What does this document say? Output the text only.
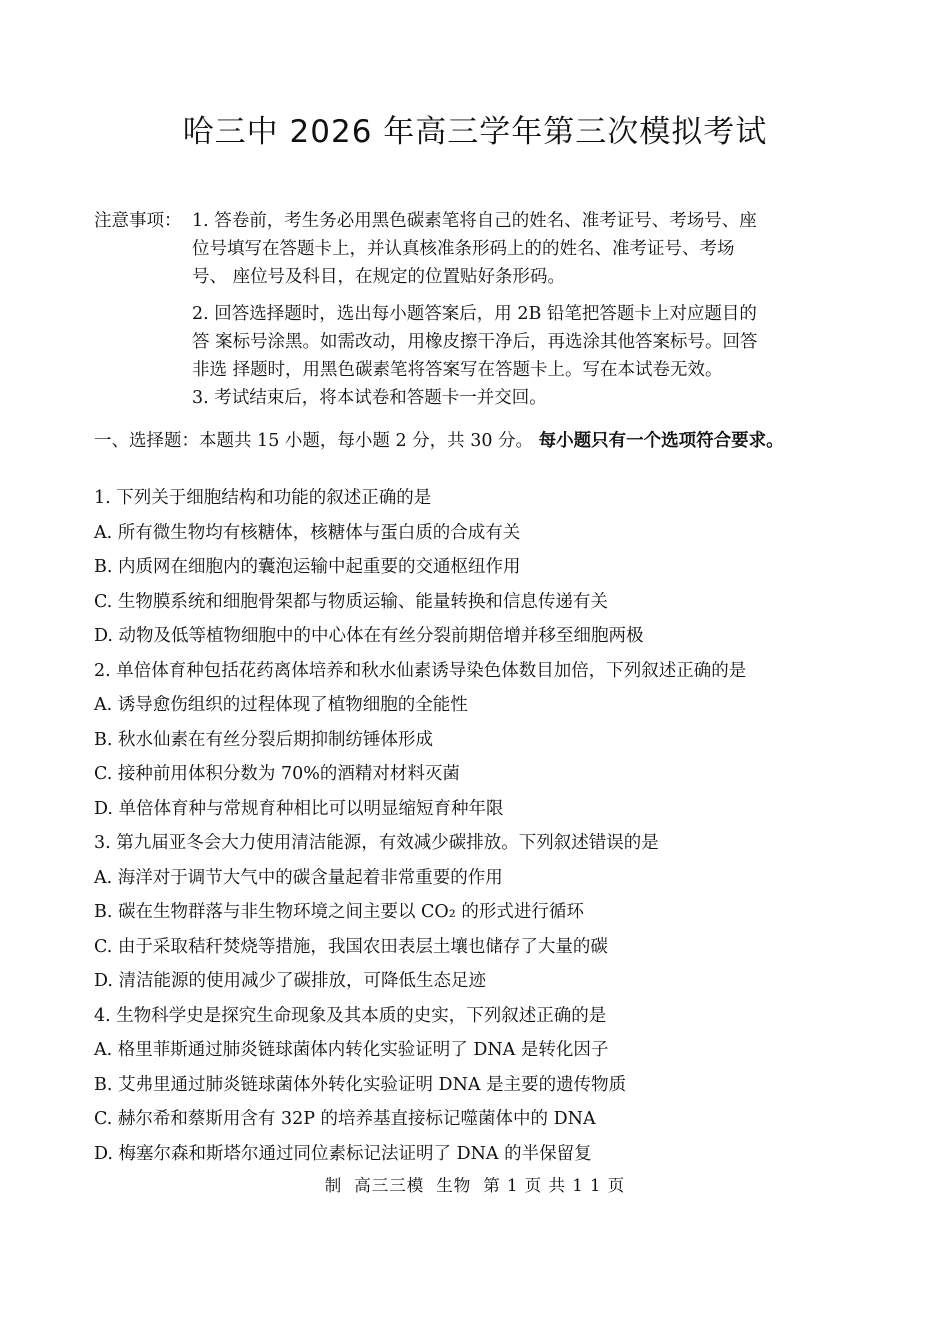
哈三中 2026 年高三学年第三次模拟考试
注意事项： 1. 答卷前，考生务必用黑色碳素笔将自己的姓名、准考证号、考场号、座
位号填写在答题卡上，并认真核准条形码上的的姓名、准考证号、考场
号、 座位号及科目，在规定的位置贴好条形码。
2. 回答选择题时，选出每小题答案后，用 2B 铅笔把答题卡上对应题目的
答 案标号涂黑。如需改动，用橡皮擦干净后，再选涂其他答案标号。回答
非选 择题时，用黑色碳素笔将答案写在答题卡上。写在本试卷无效。
3. 考试结束后，将本试卷和答题卡一并交回。
一、选择题：本题共 15 小题，每小题 2 分，共 30 分。 每小题只有一个选项符合要求。
1. 下列关于细胞结构和功能的叙述正确的是
A. 所有微生物均有核糖体，核糖体与蛋白质的合成有关
B. 内质网在细胞内的囊泡运输中起重要的交通枢纽作用
C. 生物膜系统和细胞骨架都与物质运输、能量转换和信息传递有关
D. 动物及低等植物细胞中的中心体在有丝分裂前期倍增并移至细胞两极
2. 单倍体育种包括花药离体培养和秋水仙素诱导染色体数目加倍，下列叙述正确的是
A. 诱导愈伤组织的过程体现了植物细胞的全能性
B. 秋水仙素在有丝分裂后期抑制纺锤体形成
C. 接种前用体积分数为 70%的酒精对材料灭菌
D. 单倍体育种与常规育种相比可以明显缩短育种年限
3. 第九届亚冬会大力使用清洁能源，有效减少碳排放。下列叙述错误的是
A. 海洋对于调节大气中的碳含量起着非常重要的作用
B. 碳在生物群落与非生物环境之间主要以 CO₂ 的形式进行循环
C. 由于采取秸秆焚烧等措施，我国农田表层土壤也储存了大量的碳
D. 清洁能源的使用减少了碳排放，可降低生态足迹
4. 生物科学史是探究生命现象及其本质的史实，下列叙述正确的是
A. 格里菲斯通过肺炎链球菌体内转化实验证明了 DNA 是转化因子
B. 艾弗里通过肺炎链球菌体外转化实验证明 DNA 是主要的遗传物质
C. 赫尔希和蔡斯用含有 32P 的培养基直接标记噬菌体中的 DNA
D. 梅塞尔森和斯塔尔通过同位素标记法证明了 DNA 的半保留复
制 高三三模 生物 第 1 页 共 1 1 页
